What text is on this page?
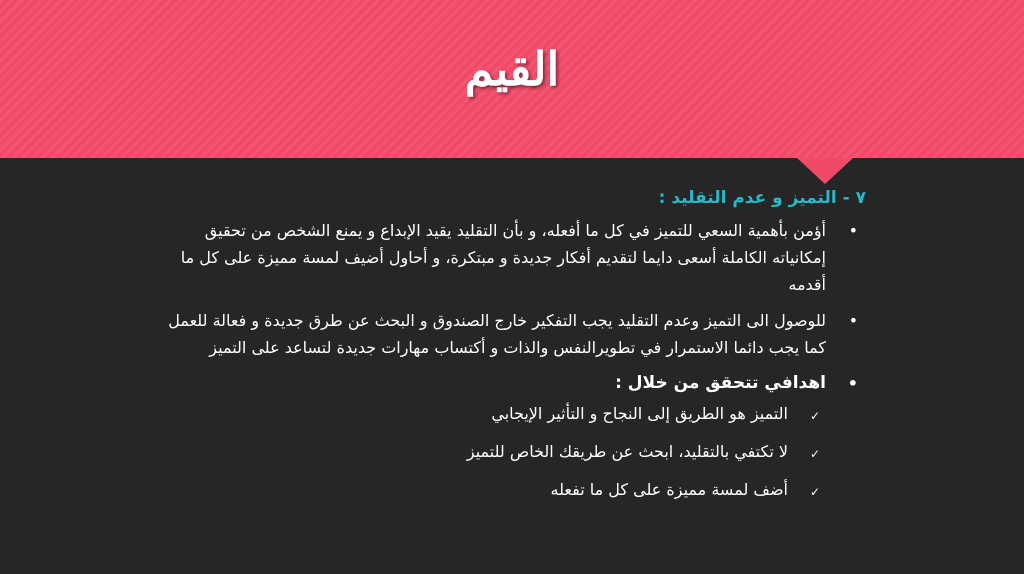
القيم
٧ - التميز و عدم التقليد :
•
أؤمن بأهمية السعي للتميز في كل ما أفعله، و بأن التقليد يقيد الإبداع و يمنع الشخص من تحقيق إمكانياته الكاملة أسعى دايما لتقديم أفكار جديدة و مبتكرة، و أحاول أضيف لمسة مميزة على كل ما أقدمه
•
للوصول الى التميز وعدم التقليد يجب التفكير خارج الصندوق و البحث عن طرق جديدة و فعالة للعمل كما يجب دائما الاستمرار في تطويرالنفس والذات و أكتساب مهارات جديدة لتساعد على التميز
•
اهدافي تتحقق من خلال :
✓
التميز هو الطريق إلى النجاح و التأثير الإيجابي
✓
لا تكتفي بالتقليد، ابحث عن طريقك الخاص للتميز
✓
أضف لمسة مميزة على كل ما تفعله
